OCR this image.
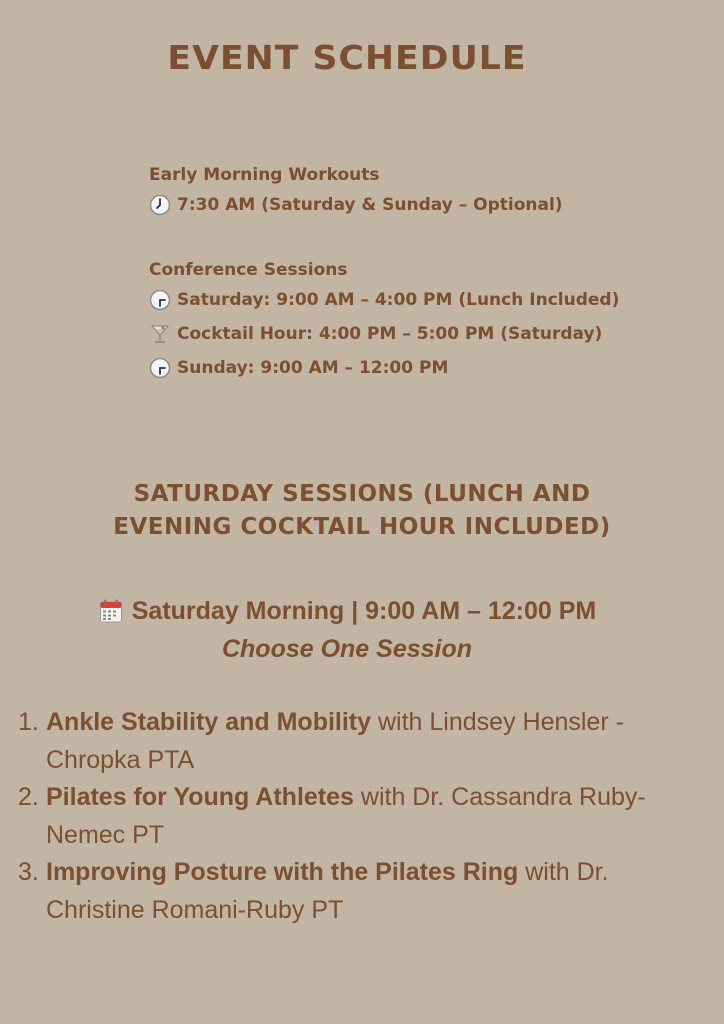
EVENT SCHEDULE
Early Morning Workouts
7:30 AM (Saturday & Sunday – Optional)
Conference Sessions
Saturday: 9:00 AM – 4:00 PM (Lunch Included)
Cocktail Hour: 4:00 PM – 5:00 PM (Saturday)
Sunday: 9:00 AM – 12:00 PM
SATURDAY SESSIONS (LUNCH AND
EVENING COCKTAIL HOUR INCLUDED)
Saturday Morning | 9:00 AM – 12:00 PM
Choose One Session
1. Ankle Stability and Mobility with Lindsey Hensler -Chropka PTA
2. Pilates for Young Athletes with Dr. Cassandra Ruby-Nemec PT
3. Improving Posture with the Pilates Ring with Dr. Christine Romani-Ruby PT
